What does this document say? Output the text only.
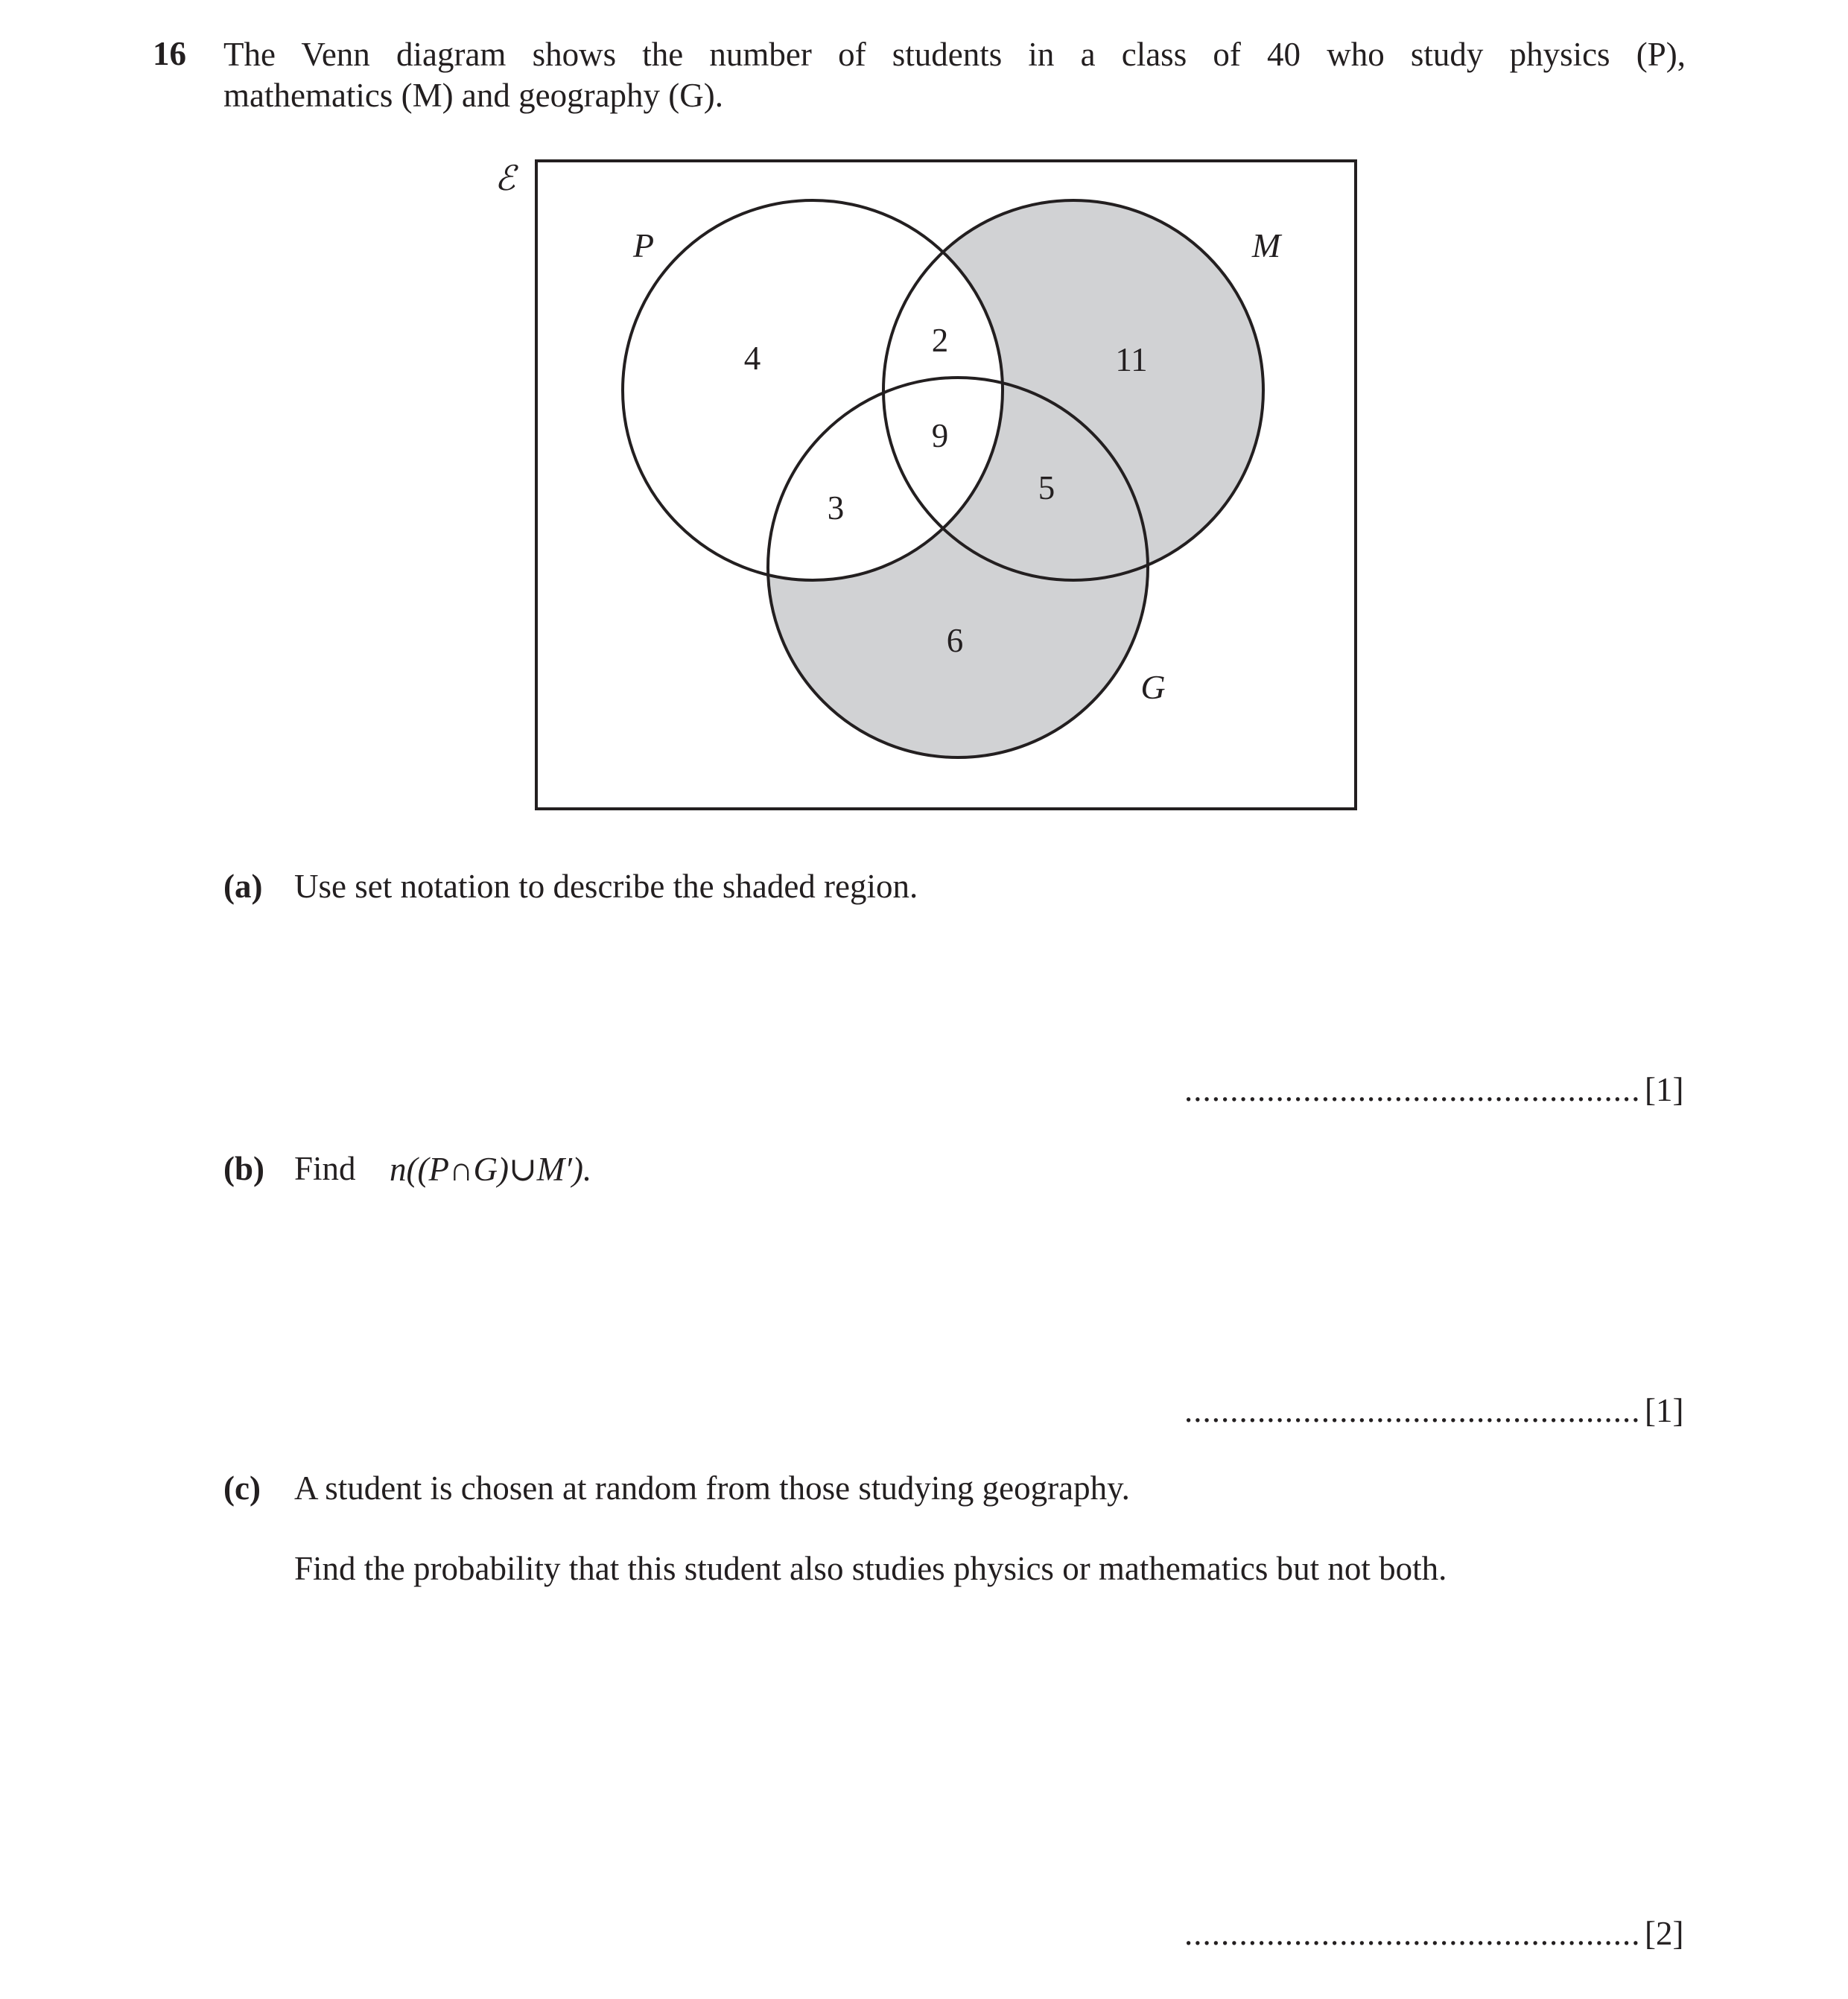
16 The Venn diagram shows the number of students in a class of 40 who study physics (P),
mathematics (M) and geography (G).
ℰ
P	M
G
4	2
11
9
3
5
6
(a) Use set notation to describe the shaded region.
.................................................. [1]
(b) Find n((P∩G)∪M′).
.................................................. [1]
(c) A student is chosen at random from those studying geography.
Find the probability that this student also studies physics or mathematics but not both.
.................................................. [2]
